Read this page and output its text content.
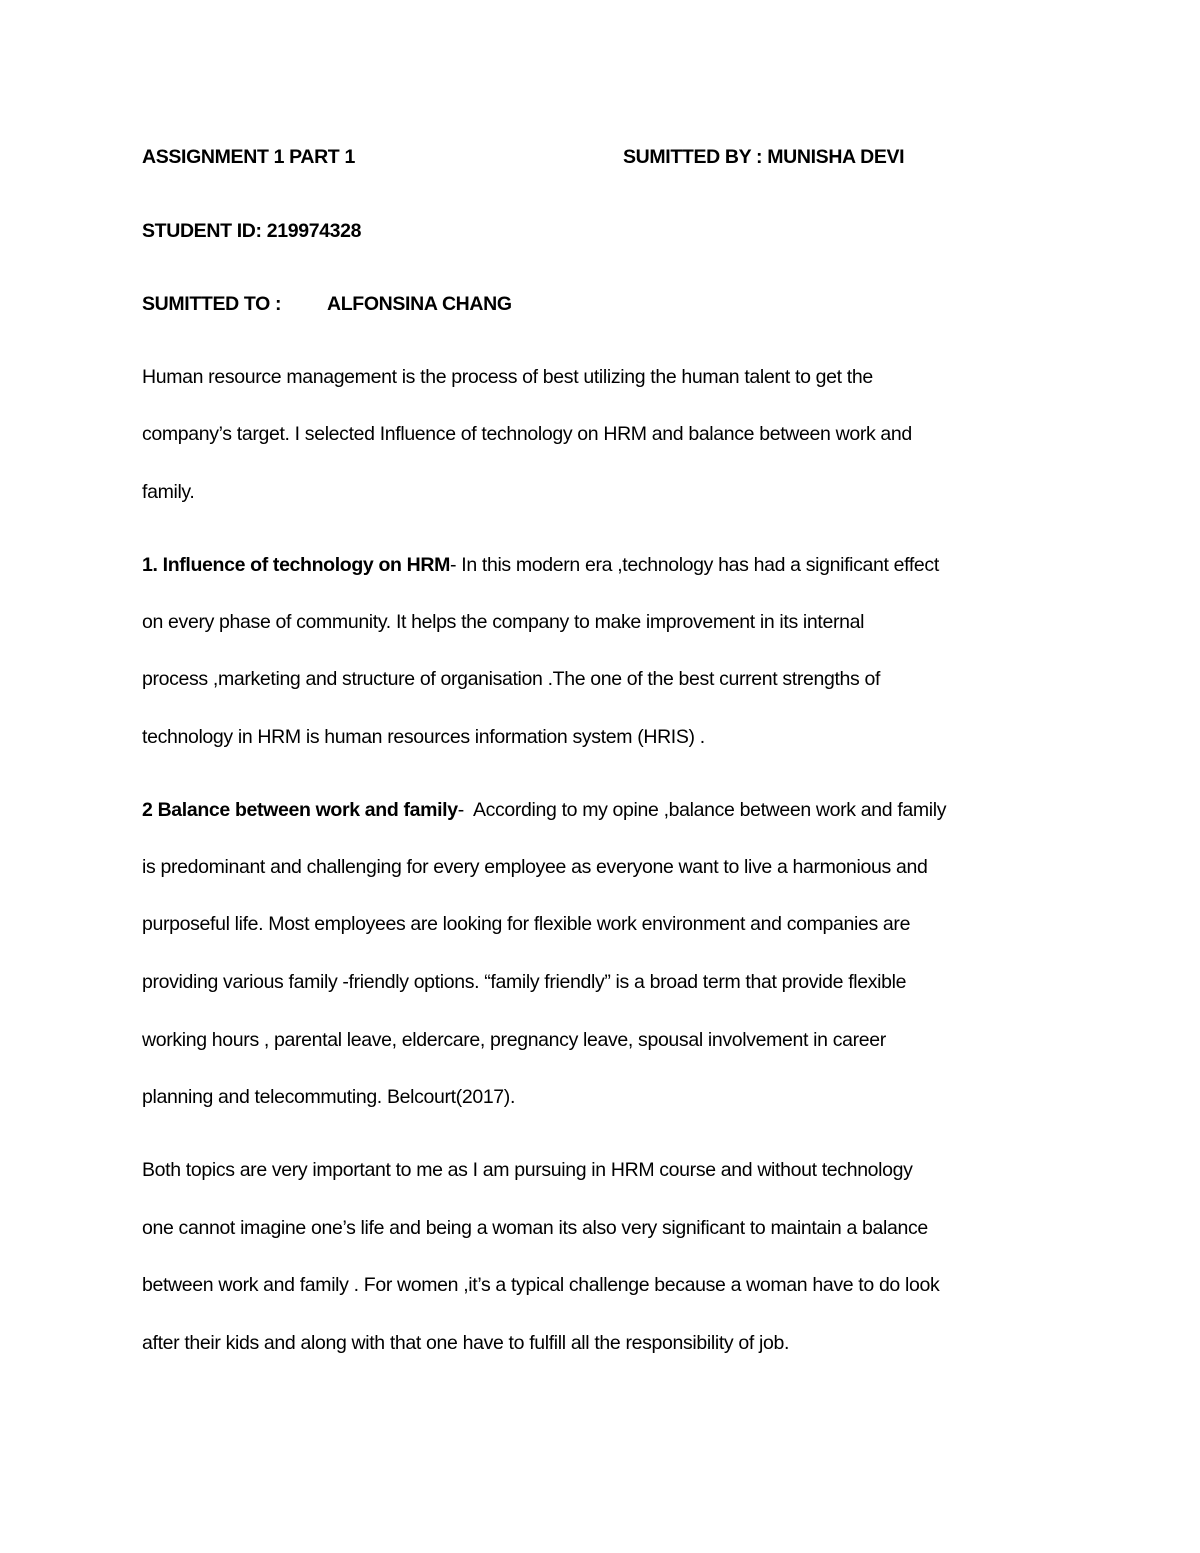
ASSIGNMENT 1 PART 1	SUMITTED BY : MUNISHA DEVI
STUDENT ID: 219974328
SUMITTED TO : ALFONSINA CHANG
Human resource management is the process of best utilizing the human talent to get the
company’s target. I selected Influence of technology on HRM and balance between work and
family.
1. Influence of technology on HRM- In this modern era ,technology has had a significant effect
on every phase of community. It helps the company to make improvement in its internal
process ,marketing and structure of organisation .The one of the best current strengths of
technology in HRM is human resources information system (HRIS) .
2 Balance between work and family-  According to my opine ,balance between work and family
is predominant and challenging for every employee as everyone want to live a harmonious and
purposeful life. Most employees are looking for flexible work environment and companies are
providing various family -friendly options. “family friendly” is a broad term that provide flexible
working hours , parental leave, eldercare, pregnancy leave, spousal involvement in career
planning and telecommuting. Belcourt(2017).
Both topics are very important to me as I am pursuing in HRM course and without technology
one cannot imagine one’s life and being a woman its also very significant to maintain a balance
between work and family . For women ,it’s a typical challenge because a woman have to do look
after their kids and along with that one have to fulfill all the responsibility of job.
